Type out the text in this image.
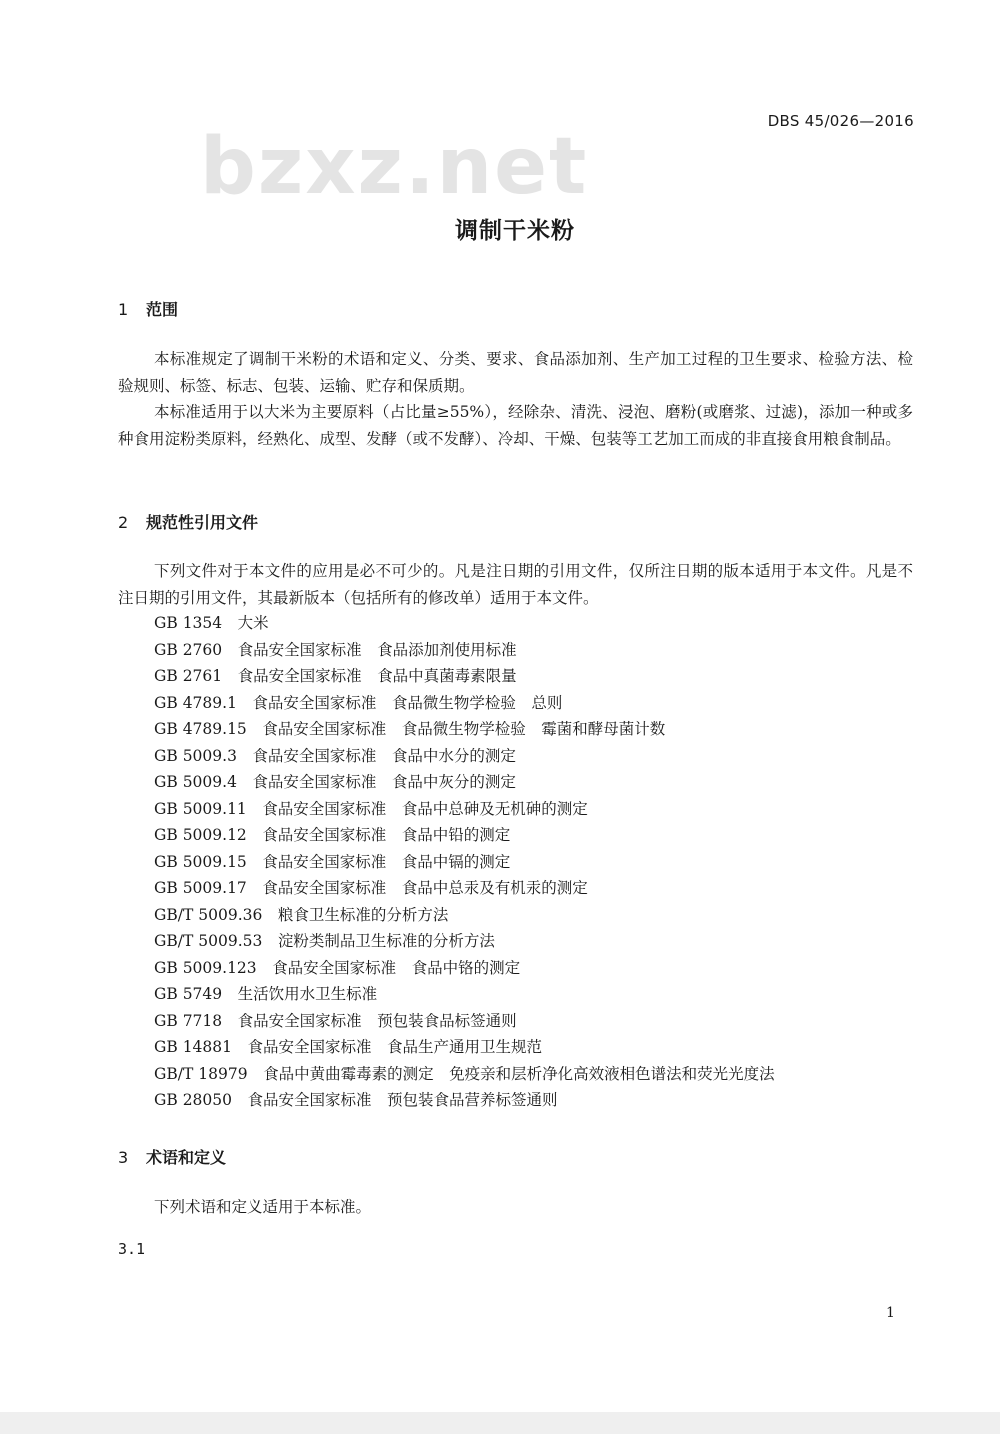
bzxz.net
DBS 45/026—2016
调制干米粉
1 范围
本标准规定了调制干米粉的术语和定义、分类、要求、食品添加剂、生产加工过程的卫生要求、检验方法、检验规则、标签、标志、包装、运输、贮存和保质期。
本标准适用于以大米为主要原料（占比量≥55%），经除杂、清洗、浸泡、磨粉(或磨浆、过滤)，添加一种或多种食用淀粉类原料，经熟化、成型、发酵（或不发酵）、冷却、干燥、包装等工艺加工而成的非直接食用粮食制品。
2 规范性引用文件
下列文件对于本文件的应用是必不可少的。凡是注日期的引用文件，仅所注日期的版本适用于本文件。凡是不注日期的引用文件，其最新版本（包括所有的修改单）适用于本文件。
GB 1354　大米
GB 2760　食品安全国家标准　食品添加剂使用标准
GB 2761　食品安全国家标准　食品中真菌毒素限量
GB 4789.1　食品安全国家标准　食品微生物学检验　总则
GB 4789.15　食品安全国家标准　食品微生物学检验　霉菌和酵母菌计数
GB 5009.3　食品安全国家标准　食品中水分的测定
GB 5009.4　食品安全国家标准　食品中灰分的测定
GB 5009.11　食品安全国家标准　食品中总砷及无机砷的测定
GB 5009.12　食品安全国家标准　食品中铅的测定
GB 5009.15　食品安全国家标准　食品中镉的测定
GB 5009.17　食品安全国家标准　食品中总汞及有机汞的测定
GB/T 5009.36　粮食卫生标准的分析方法
GB/T 5009.53　淀粉类制品卫生标准的分析方法
GB 5009.123　食品安全国家标准　食品中铬的测定
GB 5749　生活饮用水卫生标准
GB 7718　食品安全国家标准　预包装食品标签通则
GB 14881　食品安全国家标准　食品生产通用卫生规范
GB/T 18979　食品中黄曲霉毒素的测定　免疫亲和层析净化高效液相色谱法和荧光光度法
GB 28050　食品安全国家标准　预包装食品营养标签通则
3 术语和定义
下列术语和定义适用于本标准。
3.1
1
